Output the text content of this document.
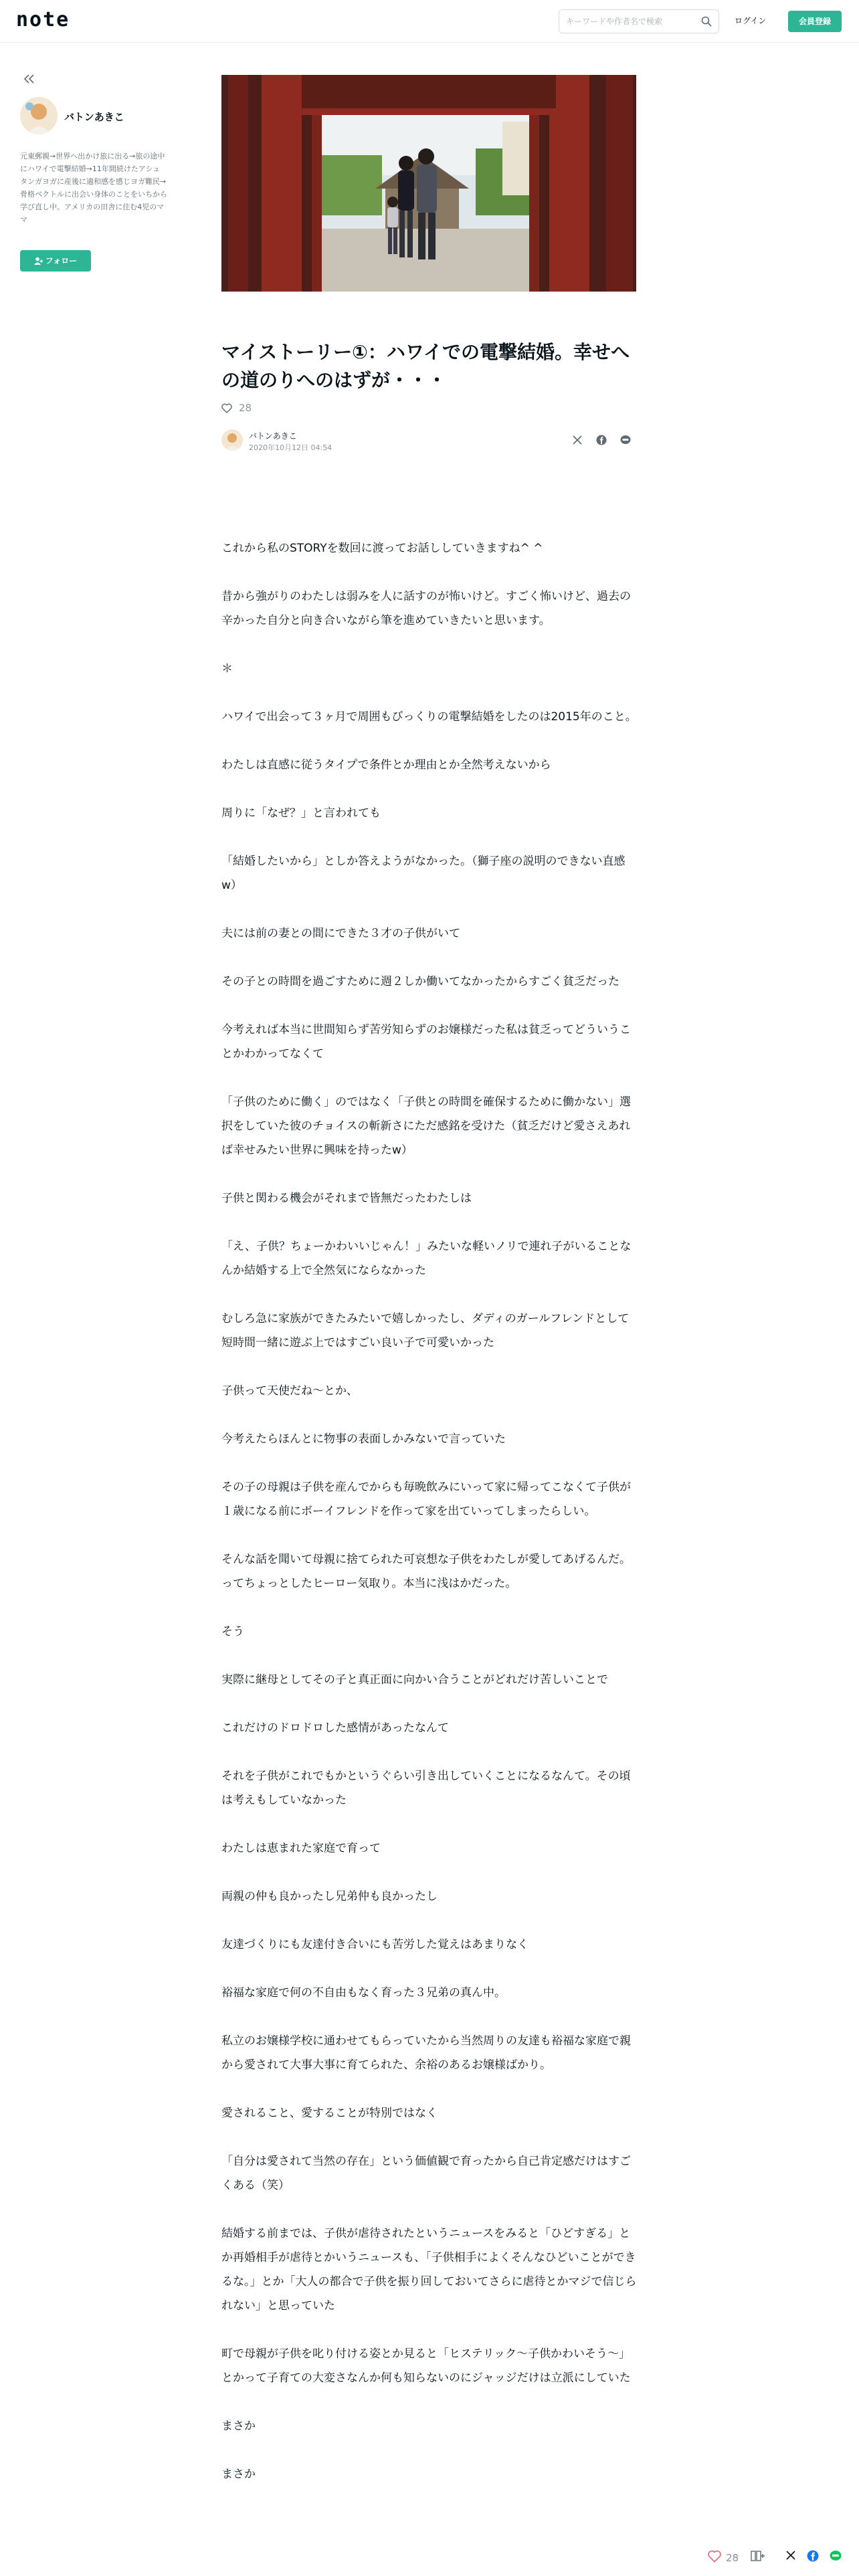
note
キーワードや作者名で検索	ログイン	会員登録
バトンあきこ
元東郵親→世界へ出かけ旅に出る→旅の途中にハワイで電撃結婚→11年間続けたアシュタンガヨガに産後に適和感を感じヨガ難民→骨格ベクトルに出会い身体のことをいちから学び直し中。アメリカの田舎に住む4児のママ
フォロー
マイストーリー①：ハワイでの電撃結婚。幸せへの道のりへのはずが・・・
28
バトンあきこ
2020年10月12日 04:54

これから私のSTORYを数回に渡ってお話ししていきますね^ ^

昔から強がりのわたしは弱みを人に話すのが怖いけど。すごく怖いけど、過去の辛かった自分と向き合いながら筆を進めていきたいと思います。

＊

ハワイで出会って３ヶ月で周囲もびっくりの電撃結婚をしたのは2015年のこと。

わたしは直感に従うタイプで条件とか理由とか全然考えないから

周りに「なぜ？」と言われても

「結婚したいから」としか答えようがなかった。（獅子座の説明のできない直感w）

夫には前の妻との間にできた３才の子供がいて

その子との時間を過ごすために週２しか働いてなかったからすごく貧乏だった

今考えれば本当に世間知らず苦労知らずのお嬢様だった私は貧乏ってどういうことかわかってなくて

「子供のために働く」のではなく「子供との時間を確保するために働かない」選択をしていた彼のチョイスの斬新さにただ感銘を受けた（貧乏だけど愛さえあれば幸せみたい世界に興味を持ったw）

子供と関わる機会がそれまで皆無だったわたしは

「え、子供？ちょーかわいいじゃん！」みたいな軽いノリで連れ子がいることなんか結婚する上で全然気にならなかった

むしろ急に家族ができたみたいで嬉しかったし、ダディのガールフレンドとして短時間一緒に遊ぶ上ではすごい良い子で可愛いかった

子供って天使だね〜とか、

今考えたらほんとに物事の表面しかみないで言っていた

その子の母親は子供を産んでからも毎晩飲みにいって家に帰ってこなくて子供が１歳になる前にボーイフレンドを作って家を出ていってしまったらしい。

そんな話を聞いて母親に捨てられた可哀想な子供をわたしが愛してあげるんだ。ってちょっとしたヒーロー気取り。本当に浅はかだった。

そう

実際に継母としてその子と真正面に向かい合うことがどれだけ苦しいことで

これだけのドロドロした感情があったなんて

それを子供がこれでもかというぐらい引き出していくことになるなんて。その頃は考えもしていなかった

わたしは恵まれた家庭で育って

両親の仲も良かったし兄弟仲も良かったし

友達づくりにも友達付き合いにも苦労した覚えはあまりなく

裕福な家庭で何の不自由もなく育った３兄弟の真ん中。

私立のお嬢様学校に通わせてもらっていたから当然周りの友達も裕福な家庭で親から愛されて大事大事に育てられた、余裕のあるお嬢様ばかり。

愛されること、愛することが特別ではなく

「自分は愛されて当然の存在」という価値観で育ったから自己肯定感だけはすごくある（笑）

結婚する前までは、子供が虐待されたというニュースをみると「ひどすぎる」とか再婚相手が虐待とかいうニュースも、「子供相手によくそんなひどいことができるな。」とか「大人の都合で子供を振り回しておいてさらに虐待とかマジで信じられない」と思っていた

町で母親が子供を叱り付ける姿とか見ると「ヒステリック〜子供かわいそう〜」とかって子育ての大変さなんか何も知らないのにジャッジだけは立派にしていた

まさか

まさか

28
